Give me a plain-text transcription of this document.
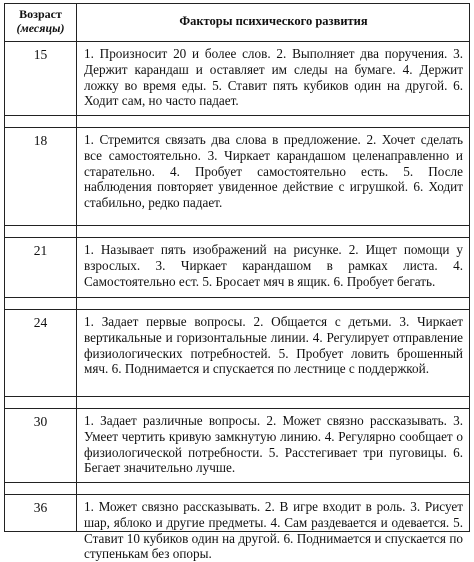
Возраст
(месяцы)	Факторы психического развития
15	1. Произносит 20 и более слов. 2. Выполняет два поручения. 3. Держит карандаш и оставляет им следы на бумаге. 4. Держит ложку во время еды. 5. Ставит пять кубиков один на другой. 6. Ходит сам, но часто падает.
18	1. Стремится связать два слова в предложение. 2. Хочет сделать все самостоятельно. 3. Чиркает карандашом целенаправленно и старательно. 4. Пробует самостоятельно есть. 5. После наблюдения повторяет увиденное действие с игрушкой. 6. Ходит стабильно, редко падает.
21	1. Называет пять изображений на рисунке. 2. Ищет помощи у взрослых. 3. Чиркает карандашом в рамках листа. 4. Самостоятельно ест. 5. Бросает мяч в ящик. 6. Пробует бегать.
24	1. Задает первые вопросы. 2. Общается с детьми. 3. Чиркает вертикальные и горизонтальные линии. 4. Регулирует отправление физиологических потребностей. 5. Пробует ловить брошенный мяч. 6. Поднимается и спускается по лестнице с поддержкой.
30	1. Задает различные вопросы. 2. Может связно рассказывать. 3. Умеет чертить кривую замкнутую линию. 4. Регулярно сообщает о физиологической потребности. 5. Расстегивает три пуговицы. 6. Бегает значительно лучше.
36	1. Может связно рассказывать. 2. В игре входит в роль. 3. Рисует шар, яблоко и другие предметы. 4. Сам раздевается и одевается. 5. Ставит 10 кубиков один на другой. 6. Поднимается и спускается по ступенькам без опоры.
